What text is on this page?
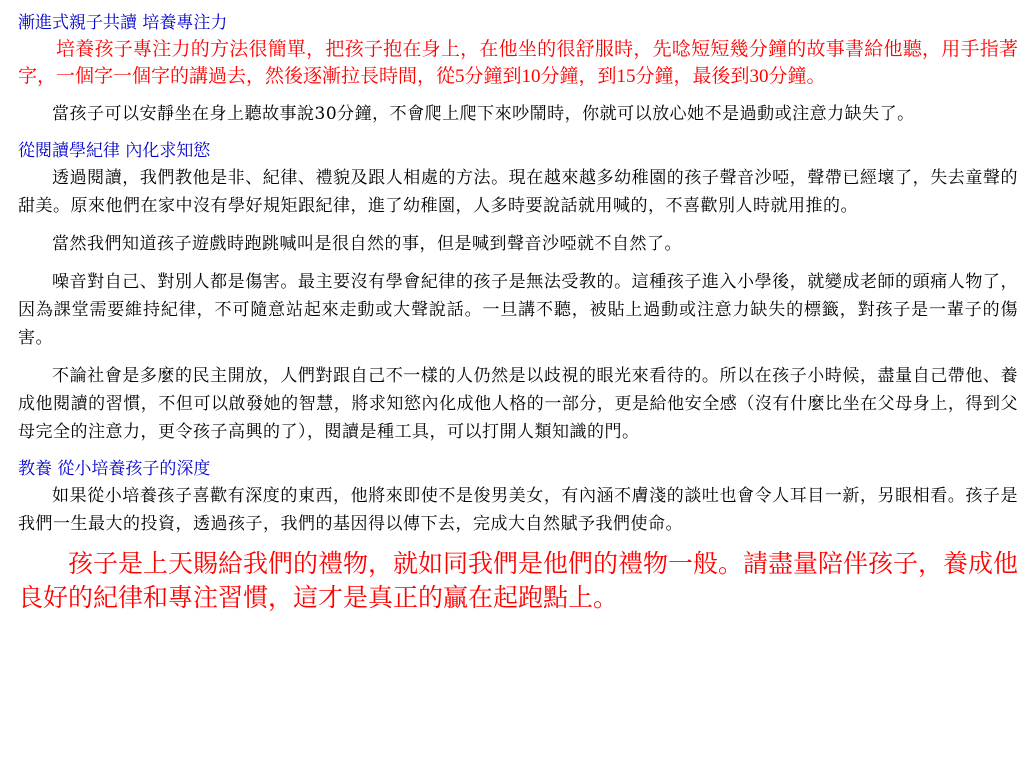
漸進式親子共讀 培養專注力

培養孩子專注力的方法很簡單，把孩子抱在身上，在他坐的很舒服時，先唸短短幾分鐘的故事書給他聽，用手指著字，一個字一個字的講過去，然後逐漸拉長時間，從5分鐘到10分鐘，到15分鐘，最後到30分鐘。

當孩子可以安靜坐在身上聽故事說30分鐘，不會爬上爬下來吵鬧時，你就可以放心她不是過動或注意力缺失了。

從閱讀學紀律 內化求知慾

透過閱讀，我們教他是非、紀律、禮貌及跟人相處的方法。現在越來越多幼稚園的孩子聲音沙啞，聲帶已經壞了，失去童聲的甜美。原來他們在家中沒有學好規矩跟紀律，進了幼稚園，人多時要說話就用喊的，不喜歡別人時就用推的。

當然我們知道孩子遊戲時跑跳喊叫是很自然的事，但是喊到聲音沙啞就不自然了。

噪音對自己、對別人都是傷害。最主要沒有學會紀律的孩子是無法受教的。這種孩子進入小學後，就變成老師的頭痛人物了，因為課堂需要維持紀律，不可隨意站起來走動或大聲說話。一旦講不聽，被貼上過動或注意力缺失的標籤，對孩子是一輩子的傷害。

不論社會是多麼的民主開放，人們對跟自己不一樣的人仍然是以歧視的眼光來看待的。所以在孩子小時候，盡量自己帶他、養成他閱讀的習慣，不但可以啟發她的智慧，將求知慾內化成他人格的一部分，更是給他安全感（沒有什麼比坐在父母身上，得到父母完全的注意力，更令孩子高興的了），閱讀是種工具，可以打開人類知識的門。

教養 從小培養孩子的深度

如果從小培養孩子喜歡有深度的東西，他將來即使不是俊男美女，有內涵不膚淺的談吐也會令人耳目一新，另眼相看。孩子是我們一生最大的投資，透過孩子，我們的基因得以傳下去，完成大自然賦予我們使命。

孩子是上天賜給我們的禮物，就如同我們是他們的禮物一般。請盡量陪伴孩子，養成他良好的紀律和專注習慣，這才是真正的贏在起跑點上。
